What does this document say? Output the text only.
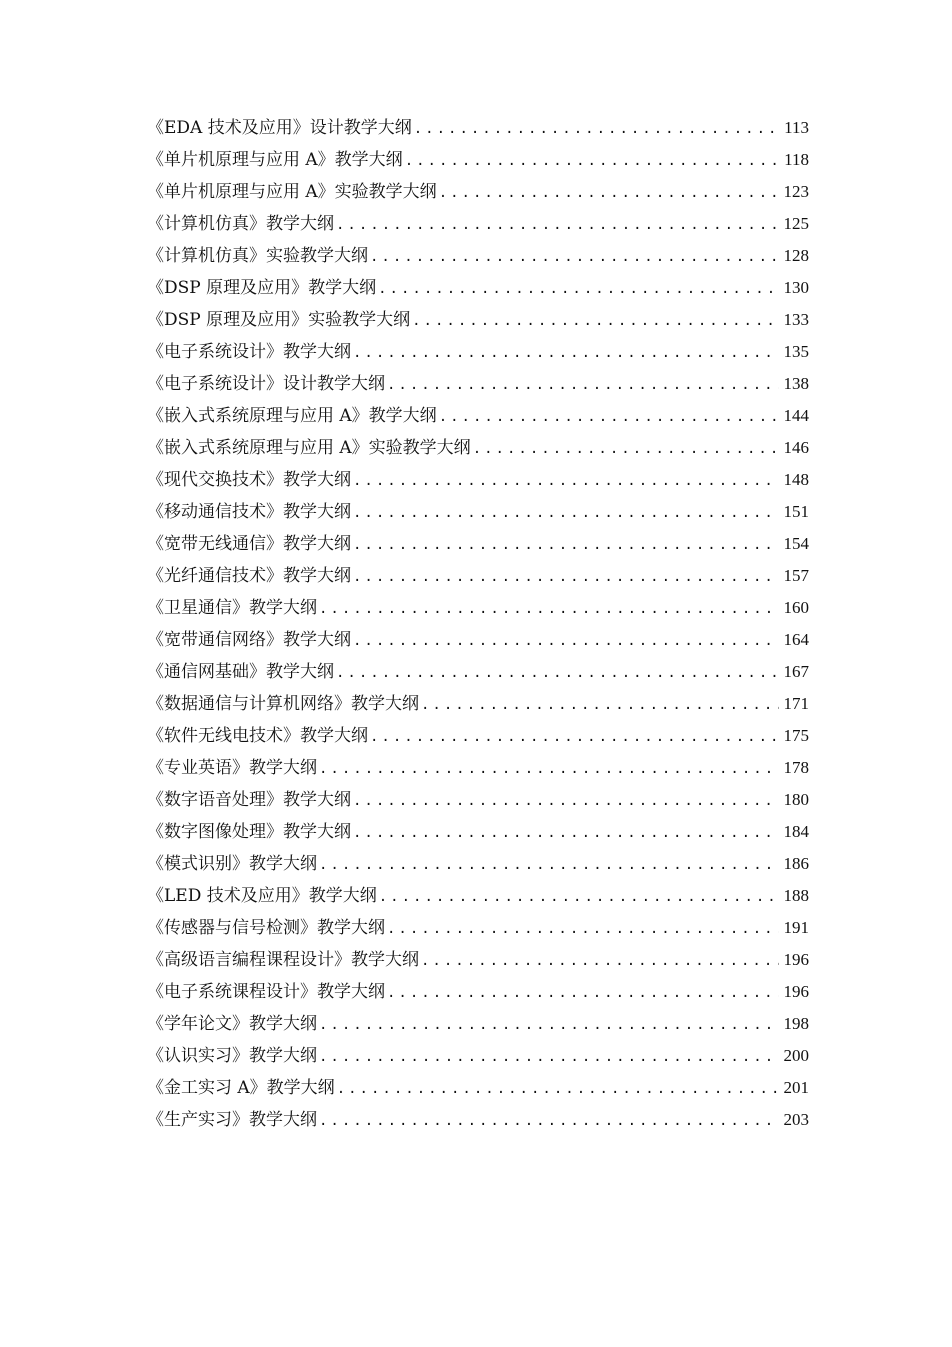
《EDA 技术及应用》设计教学大纲 .....	113
《单片机原理与应用 A》教学大纲 .....	118
《单片机原理与应用 A》实验教学大纲 .....	123
《计算机仿真》教学大纲 .....	125
《计算机仿真》实验教学大纲 .....	128
《DSP 原理及应用》教学大纲 .....	130
《DSP 原理及应用》实验教学大纲 .....	133
《电子系统设计》教学大纲 .....	135
《电子系统设计》设计教学大纲 .....	138
《嵌入式系统原理与应用 A》教学大纲 .....	144
《嵌入式系统原理与应用 A》实验教学大纲 .....	146
《现代交换技术》教学大纲 .....	148
《移动通信技术》教学大纲 .....	151
《宽带无线通信》教学大纲 .....	154
《光纤通信技术》教学大纲 .....	157
《卫星通信》教学大纲 .....	160
《宽带通信网络》教学大纲 .....	164
《通信网基础》教学大纲 .....	167
《数据通信与计算机网络》教学大纲 .....	171
《软件无线电技术》教学大纲 .....	175
《专业英语》教学大纲 .....	178
《数字语音处理》教学大纲 .....	180
《数字图像处理》教学大纲 .....	184
《模式识别》教学大纲 .....	186
《LED 技术及应用》教学大纲 .....	188
《传感器与信号检测》教学大纲 .....	191
《高级语言编程课程设计》教学大纲 .....	196
《电子系统课程设计》教学大纲 .....	196
《学年论文》教学大纲 .....	198
《认识实习》教学大纲 .....	200
《金工实习 A》教学大纲 .....	201
《生产实习》教学大纲 .....	203
